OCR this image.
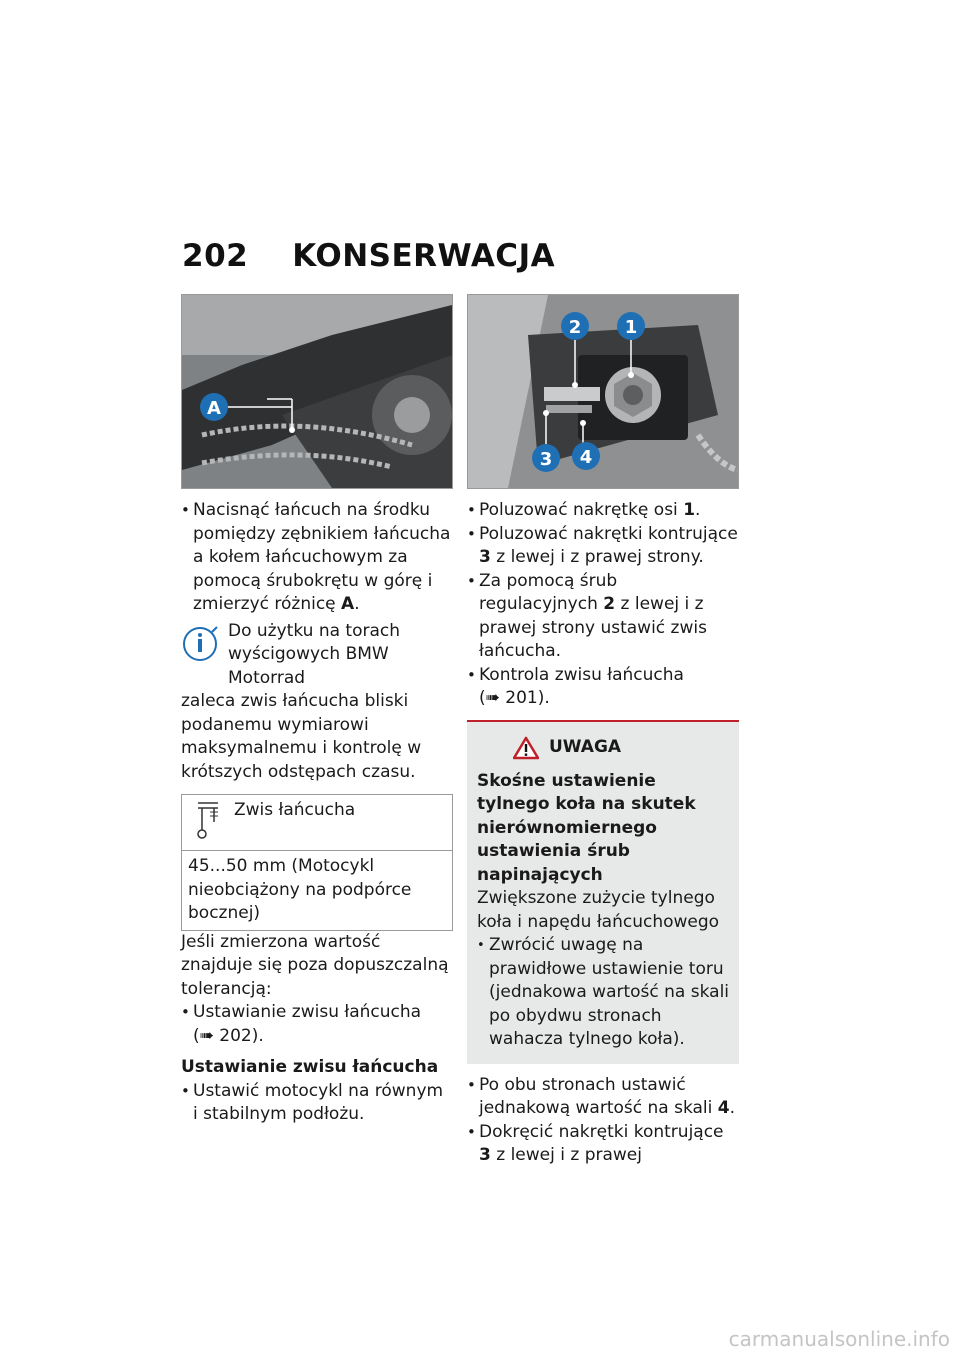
202 KONSERWACJA
A
• Nacisnąć łańcuch na środku pomiędzy zębnikiem łańcucha a kołem łańcuchowym za pomocą śrubokrętu w górę i zmierzyć różnicę A.
Do użytku na torach wyścigowych BMW Motorrad
zaleca zwis łańcucha bliski podanemu wymiarowi maksymalnemu i kontrolę w krótszych odstępach czasu.
Zwis łańcucha
45...50 mm (Motocykl nieobciążony na podpórce bocznej)
Jeśli zmierzona wartość znajduje się poza dopuszczalną tolerancją:
• Ustawianie zwisu łańcucha
(➠ 202).
Ustawianie zwisu łańcucha
• Ustawić motocykl na równym i stabilnym podłożu.
2 1
3 4
• Poluzować nakrętkę osi 1.
• Poluzować nakrętki kontrujące 3 z lewej i z prawej strony.
• Za pomocą śrub regulacyjnych 2 z lewej i z prawej strony ustawić zwis łańcucha.
• Kontrola zwisu łańcucha
(➠ 201).
UWAGA
Skośne ustawienie tylnego koła na skutek nierównomiernego ustawienia śrub napinających
Zwiększone zużycie tylnego koła i napędu łańcuchowego
• Zwrócić uwagę na prawidłowe ustawienie toru (jednakowa wartość na skali po obydwu stronach wahacza tylnego koła).
• Po obu stronach ustawić jednakową wartość na skali 4.
• Dokręcić nakrętki kontrujące 3 z lewej i z prawej
carmanualsonline.info
